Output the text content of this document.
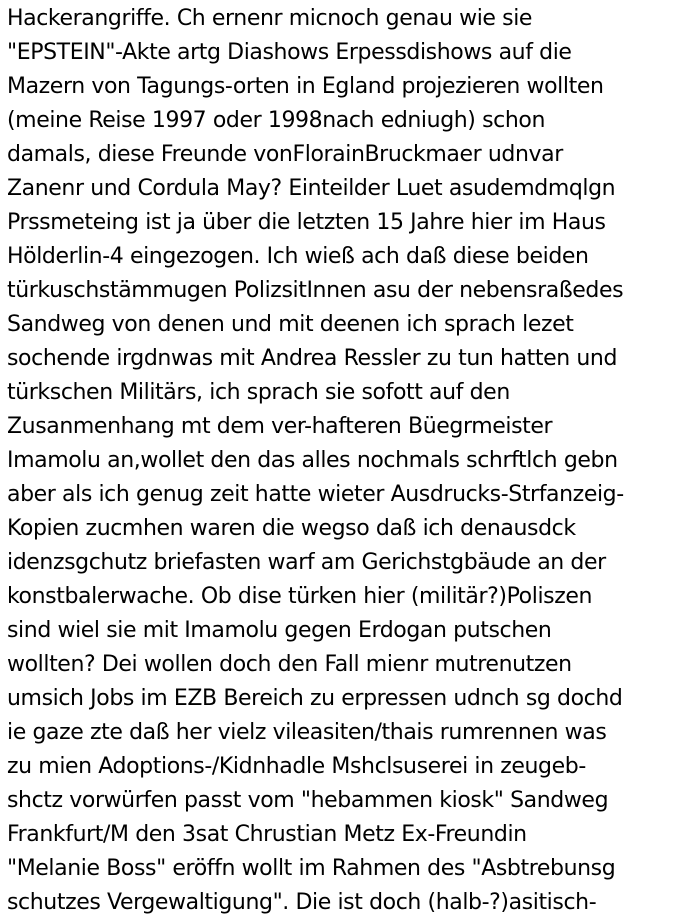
Hackerangriffe. Ch ernenr micnoch genau wie sie
"EPSTEIN"-Akte artg Diashows Erpessdishows auf die
Mazern von Tagungs-orten in Egland projezieren wollten
(meine Reise 1997 oder 1998nach edniugh) schon
damals, diese Freunde vonFlorainBruckmaer udnvar
Zanenr und Cordula May? Einteilder Luet asudemdmqlgn
Prssmeteing ist ja über die letzten 15 Jahre hier im Haus
Hölderlin-4 eingezogen. Ich wieß ach daß diese beiden
türkuschstämmugen PolizsitInnen asu der nebensraßedes
Sandweg von denen und mit deenen ich sprach lezet
sochende irgdnwas mit Andrea Ressler zu tun hatten und
türkschen Militärs, ich sprach sie sofott auf den
Zusanmenhang mt dem ver-hafteren Büegrmeister
Imamolu an,wollet den das alles nochmals schrftlch gebn
aber als ich genug zeit hatte wieter Ausdrucks-Strfanzeig-
Kopien zucmhen waren die wegso daß ich denausdck
idenzsgchutz briefasten warf am Gerichstgbäude an der
konstbalerwache. Ob dise türken hier (militär?)Poliszen
sind wiel sie mit Imamolu gegen Erdogan putschen
wollten? Dei wollen doch den Fall mienr mutrenutzen
umsich Jobs im EZB Bereich zu erpressen udnch sg dochd
ie gaze zte daß her vielz vileasiten/thais rumrennen was
zu mien Adoptions-/Kidnhadle Mshclsuserei in zeugeb-
shctz vorwürfen passt vom "hebammen kiosk" Sandweg
Frankfurt/M den 3sat Chrustian Metz Ex-Freundin
"Melanie Boss" eröffn wollt im Rahmen des "Asbtrebunsg
schutzes Vergewaltigung". Die ist doch (halb-?)asitisch-
